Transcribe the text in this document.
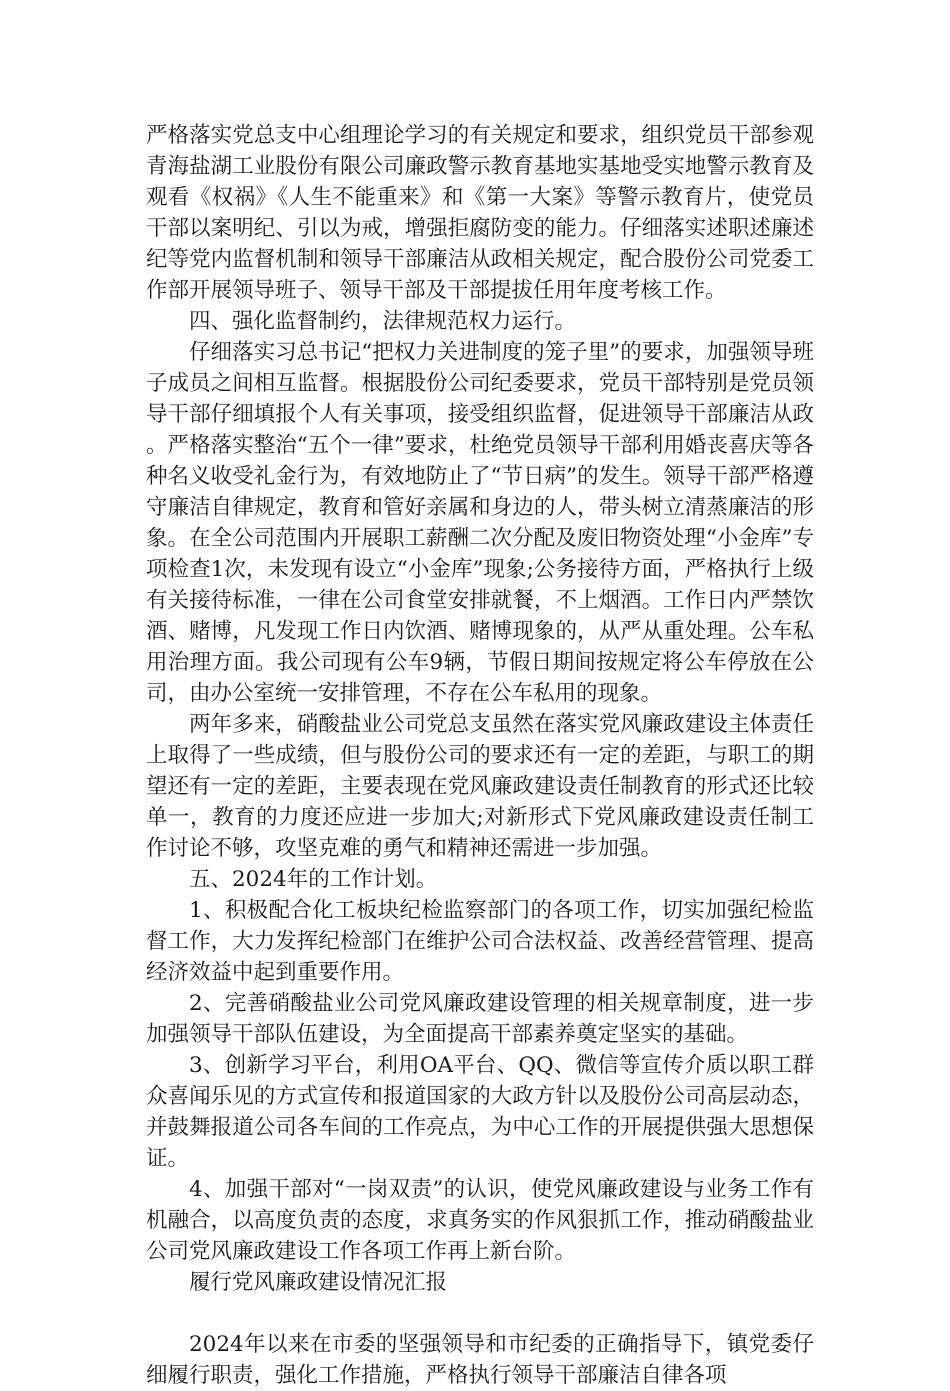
严格落实党总支中心组理论学习的有关规定和要求，组织党员干部参观青海盐湖工业股份有限公司廉政警示教育基地实基地受实地警示教育及观看《权祸》《人生不能重来》和《第一大案》等警示教育片，使党员干部以案明纪、引以为戒，增强拒腐防变的能力。仔细落实述职述廉述纪等党内监督机制和领导干部廉洁从政相关规定，配合股份公司党委工作部开展领导班子、领导干部及干部提拔任用年度考核工作。

四、强化监督制约，法律规范权力运行。

仔细落实习总书记“把权力关进制度的笼子里”的要求，加强领导班子成员之间相互监督。根据股份公司纪委要求，党员干部特别是党员领导干部仔细填报个人有关事项，接受组织监督，促进领导干部廉洁从政。严格落实整治“五个一律”要求，杜绝党员领导干部利用婚丧喜庆等各种名义收受礼金行为，有效地防止了“节日病”的发生。领导干部严格遵守廉洁自律规定，教育和管好亲属和身边的人，带头树立清蒸廉洁的形象。在全公司范围内开展职工薪酬二次分配及废旧物资处理“小金库”专项检查1次，未发现有设立“小金库”现象;公务接待方面，严格执行上级有关接待标准，一律在公司食堂安排就餐，不上烟酒。工作日内严禁饮酒、赌博，凡发现工作日内饮酒、赌博现象的，从严从重处理。公车私用治理方面。我公司现有公车9辆，节假日期间按规定将公车停放在公司，由办公室统一安排管理，不存在公车私用的现象。

两年多来，硝酸盐业公司党总支虽然在落实党风廉政建设主体责任上取得了一些成绩，但与股份公司的要求还有一定的差距，与职工的期望还有一定的差距，主要表现在党风廉政建设责任制教育的形式还比较单一，教育的力度还应进一步加大;对新形式下党风廉政建设责任制工作讨论不够，攻坚克难的勇气和精神还需进一步加强。

五、2024年的工作计划。

1、积极配合化工板块纪检监察部门的各项工作，切实加强纪检监督工作，大力发挥纪检部门在维护公司合法权益、改善经营管理、提高经济效益中起到重要作用。

2、完善硝酸盐业公司党风廉政建设管理的相关规章制度，进一步加强领导干部队伍建设，为全面提高干部素养奠定坚实的基础。

3、创新学习平台，利用OA平台、QQ、微信等宣传介质以职工群众喜闻乐见的方式宣传和报道国家的大政方针以及股份公司高层动态，并鼓舞报道公司各车间的工作亮点，为中心工作的开展提供强大思想保证。

4、加强干部对“一岗双责”的认识，使党风廉政建设与业务工作有机融合，以高度负责的态度，求真务实的作风狠抓工作，推动硝酸盐业公司党风廉政建设工作各项工作再上新台阶。

履行党风廉政建设情况汇报

2024年以来在市委的坚强领导和市纪委的正确指导下，镇党委仔细履行职责，强化工作措施，严格执行领导干部廉洁自律各项
